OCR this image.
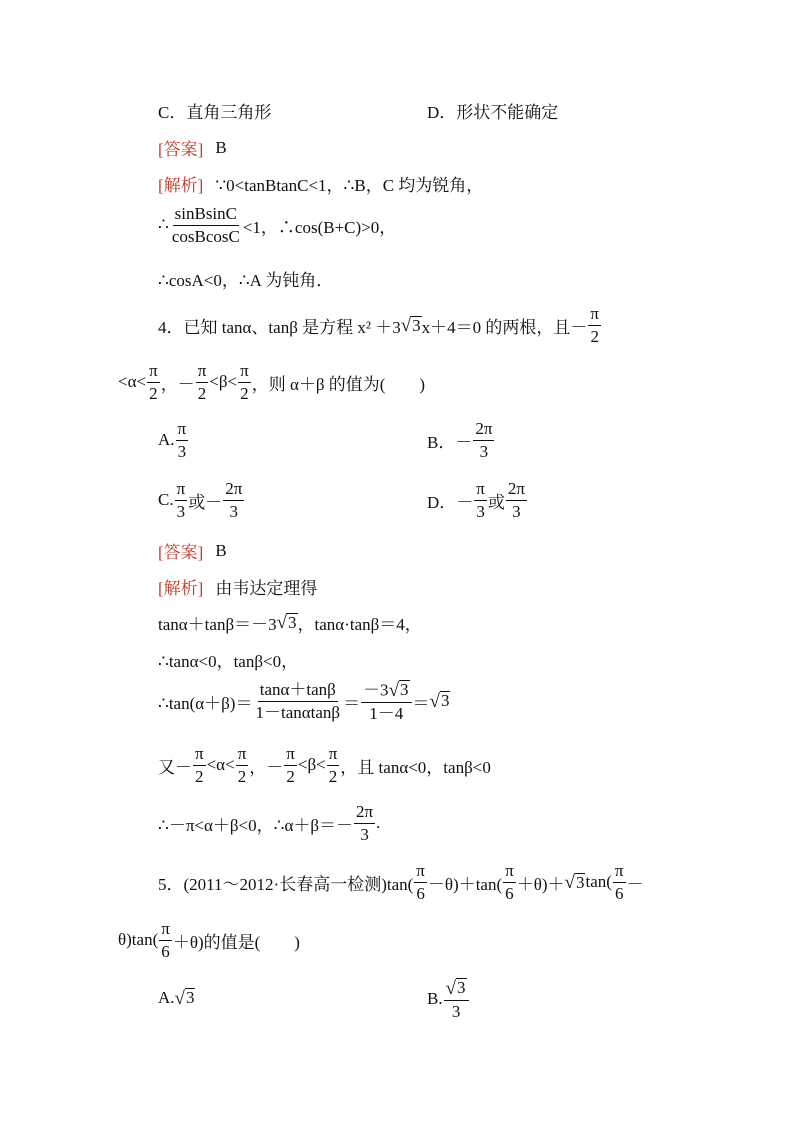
C．直角三角形	D．形状不能确定
[答案] B
[解析] ∵0<tanBtanC<1，∴B，C 均为锐角，
∴ $\frac{\text{sinBsinC}}{\text{cosBcosC}} <1$，∴cos(B+C)>0，
∴cosA<0，∴A 为钝角．
4．已知 tanα、tanβ 是方程 x² ＋3 √ 3 x＋4＝0 的两根，且－ $\frac{\pi}{2}$
$<\alpha< \frac{\pi}{2}$ ，－ $\frac{\pi}{2} <\beta< \frac{\pi}{2}$ ，则 α＋β 的值为(　　)
A. $\frac{\pi}{3}$	B．－ $\frac{2\pi}{3}$
C. $\frac{\pi}{3}$ 或－ $\frac{2\pi}{3}$	D．－ $\frac{\pi}{3}$ 或 $\frac{2\pi}{3}$
[答案] B
[解析] 由韦达定理得
tanα＋tanβ＝－3 √ 3 ，tanα·tanβ＝4，
∴tanα<0，tanβ<0，
∴tan(α＋β)＝ $\frac{\tan\alpha+\tan\beta}{1-\tan\alpha\tan\beta} = \frac{-3 √ 3}{1-4}$ ＝ √ 3
又－ $\frac{\pi}{2} <\alpha< \frac{\pi}{2}$ ，－ $\frac{\pi}{2} <\beta< \frac{\pi}{2}$ ，且 tanα<0，tanβ<0
∴－π<α＋β<0，∴α＋β＝－ $\frac{2\pi}{3}$ .
5．(2011～2012·长春高一检测)$\tan( \frac{\pi}{6} -\theta)+\tan( \frac{\pi}{6} +\theta)+$ √ 3 $\tan( \frac{\pi}{6}$ －
$\theta)\tan( \frac{\pi}{6} +\theta)$的值是(　　)
A. √ 3	B. $\frac{√ 3}{3}$
